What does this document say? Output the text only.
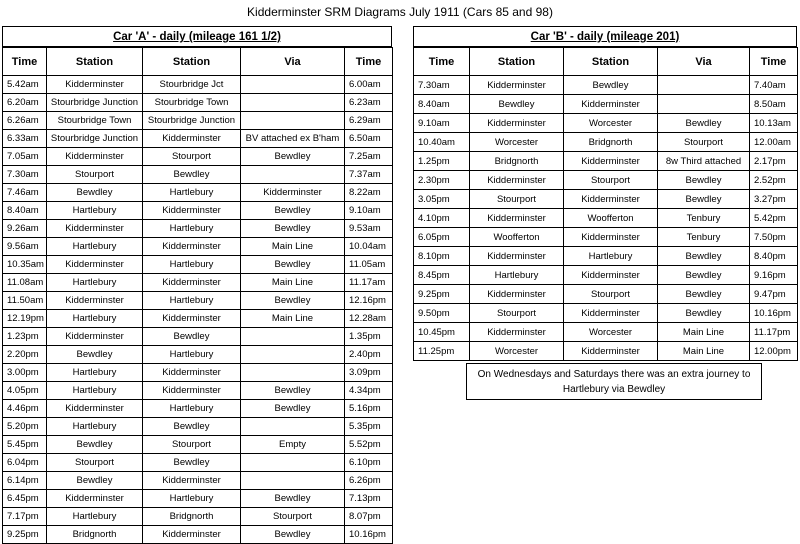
Kidderminster SRM Diagrams July 1911 (Cars 85 and 98)
Car 'A' - daily (mileage 161 1/2)
Time	Station	Station	Via	Time
5.42am	Kidderminster	Stourbridge Jct		6.00am
6.20am	Stourbridge Junction	Stourbridge Town		6.23am
6.26am	Stourbridge Town	Stourbridge Junction		6.29am
6.33am	Stourbridge Junction	Kidderminster	BV attached ex B'ham	6.50am
7.05am	Kidderminster	Stourport	Bewdley	7.25am
7.30am	Stourport	Bewdley		7.37am
7.46am	Bewdley	Hartlebury	Kidderminster	8.22am
8.40am	Hartlebury	Kidderminster	Bewdley	9.10am
9.26am	Kidderminster	Hartlebury	Bewdley	9.53am
9.56am	Hartlebury	Kidderminster	Main Line	10.04am
10.35am	Kidderminster	Hartlebury	Bewdley	11.05am
11.08am	Hartlebury	Kidderminster	Main Line	11.17am
11.50am	Kidderminster	Hartlebury	Bewdley	12.16pm
12.19pm	Hartlebury	Kidderminster	Main Line	12.28am
1.23pm	Kidderminster	Bewdley		1.35pm
2.20pm	Bewdley	Hartlebury		2.40pm
3.00pm	Hartlebury	Kidderminster		3.09pm
4.05pm	Hartlebury	Kidderminster	Bewdley	4.34pm
4.46pm	Kidderminster	Hartlebury	Bewdley	5.16pm
5.20pm	Hartlebury	Bewdley		5.35pm
5.45pm	Bewdley	Stourport	Empty	5.52pm
6.04pm	Stourport	Bewdley		6.10pm
6.14pm	Bewdley	Kidderminster		6.26pm
6.45pm	Kidderminster	Hartlebury	Bewdley	7.13pm
7.17pm	Hartlebury	Bridgnorth	Stourport	8.07pm
9.25pm	Bridgnorth	Kidderminster	Bewdley	10.16pm
Car 'B' - daily (mileage 201)
Time	Station	Station	Via	Time
7.30am	Kidderminster	Bewdley		7.40am
8.40am	Bewdley	Kidderminster		8.50am
9.10am	Kidderminster	Worcester	Bewdley	10.13am
10.40am	Worcester	Bridgnorth	Stourport	12.00am
1.25pm	Bridgnorth	Kidderminster	8w Third attached	2.17pm
2.30pm	Kidderminster	Stourport	Bewdley	2.52pm
3.05pm	Stourport	Kidderminster	Bewdley	3.27pm
4.10pm	Kidderminster	Woofferton	Tenbury	5.42pm
6.05pm	Woofferton	Kidderminster	Tenbury	7.50pm
8.10pm	Kidderminster	Hartlebury	Bewdley	8.40pm
8.45pm	Hartlebury	Kidderminster	Bewdley	9.16pm
9.25pm	Kidderminster	Stourport	Bewdley	9.47pm
9.50pm	Stourport	Kidderminster	Bewdley	10.16pm
10.45pm	Kidderminster	Worcester	Main Line	11.17pm
11.25pm	Worcester	Kidderminster	Main Line	12.00pm
On Wednesdays and Saturdays there was an extra journey to Hartlebury via Bewdley
